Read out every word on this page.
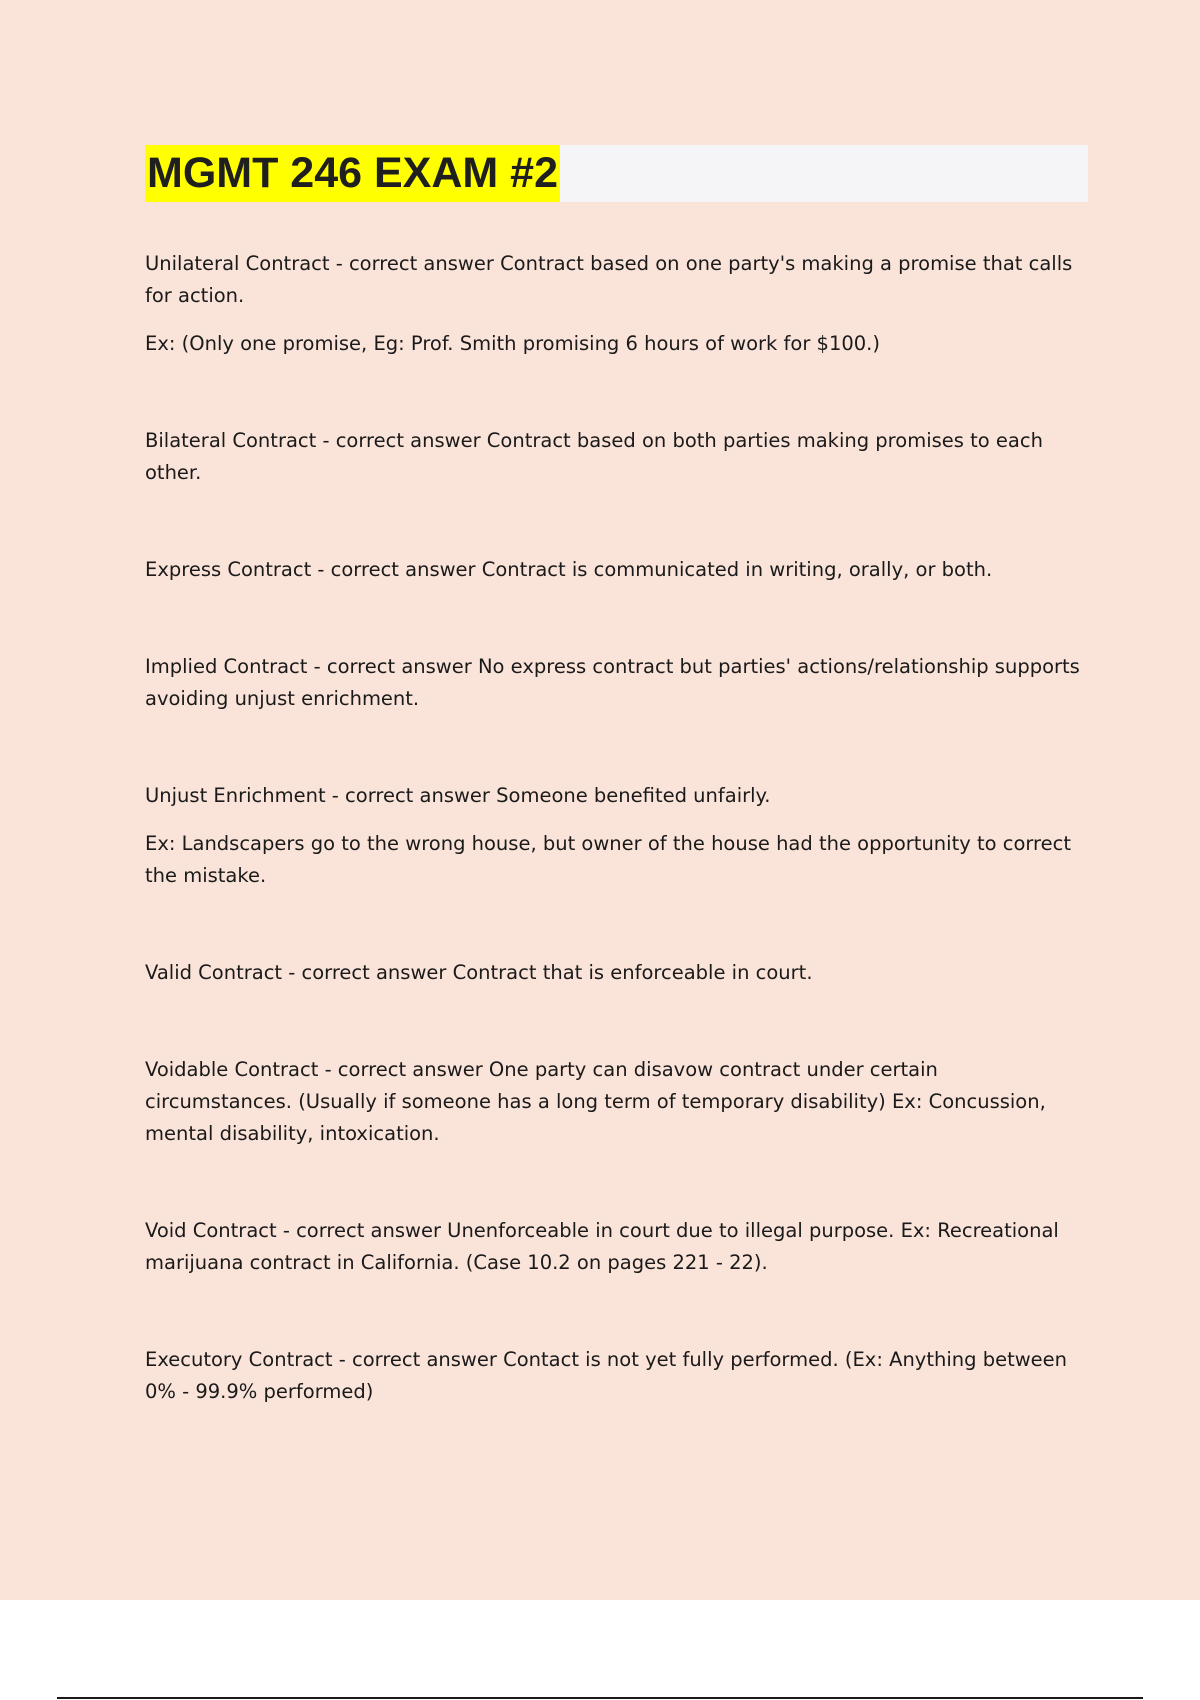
MGMT 246 EXAM #2

Unilateral Contract - correct answer Contract based on one party's making a promise that calls for action.

Ex: (Only one promise, Eg: Prof. Smith promising 6 hours of work for $100.)

Bilateral Contract - correct answer Contract based on both parties making promises to each other.

Express Contract - correct answer Contract is communicated in writing, orally, or both.

Implied Contract - correct answer No express contract but parties' actions/relationship supports avoiding unjust enrichment.

Unjust Enrichment - correct answer Someone benefited unfairly.

Ex: Landscapers go to the wrong house, but owner of the house had the opportunity to correct the mistake.

Valid Contract - correct answer Contract that is enforceable in court.

Voidable Contract - correct answer One party can disavow contract under certain circumstances. (Usually if someone has a long term of temporary disability) Ex: Concussion, mental disability, intoxication.

Void Contract - correct answer Unenforceable in court due to illegal purpose. Ex: Recreational marijuana contract in California. (Case 10.2 on pages 221 - 22).

Executory Contract - correct answer Contact is not yet fully performed. (Ex: Anything between 0% - 99.9% performed)
